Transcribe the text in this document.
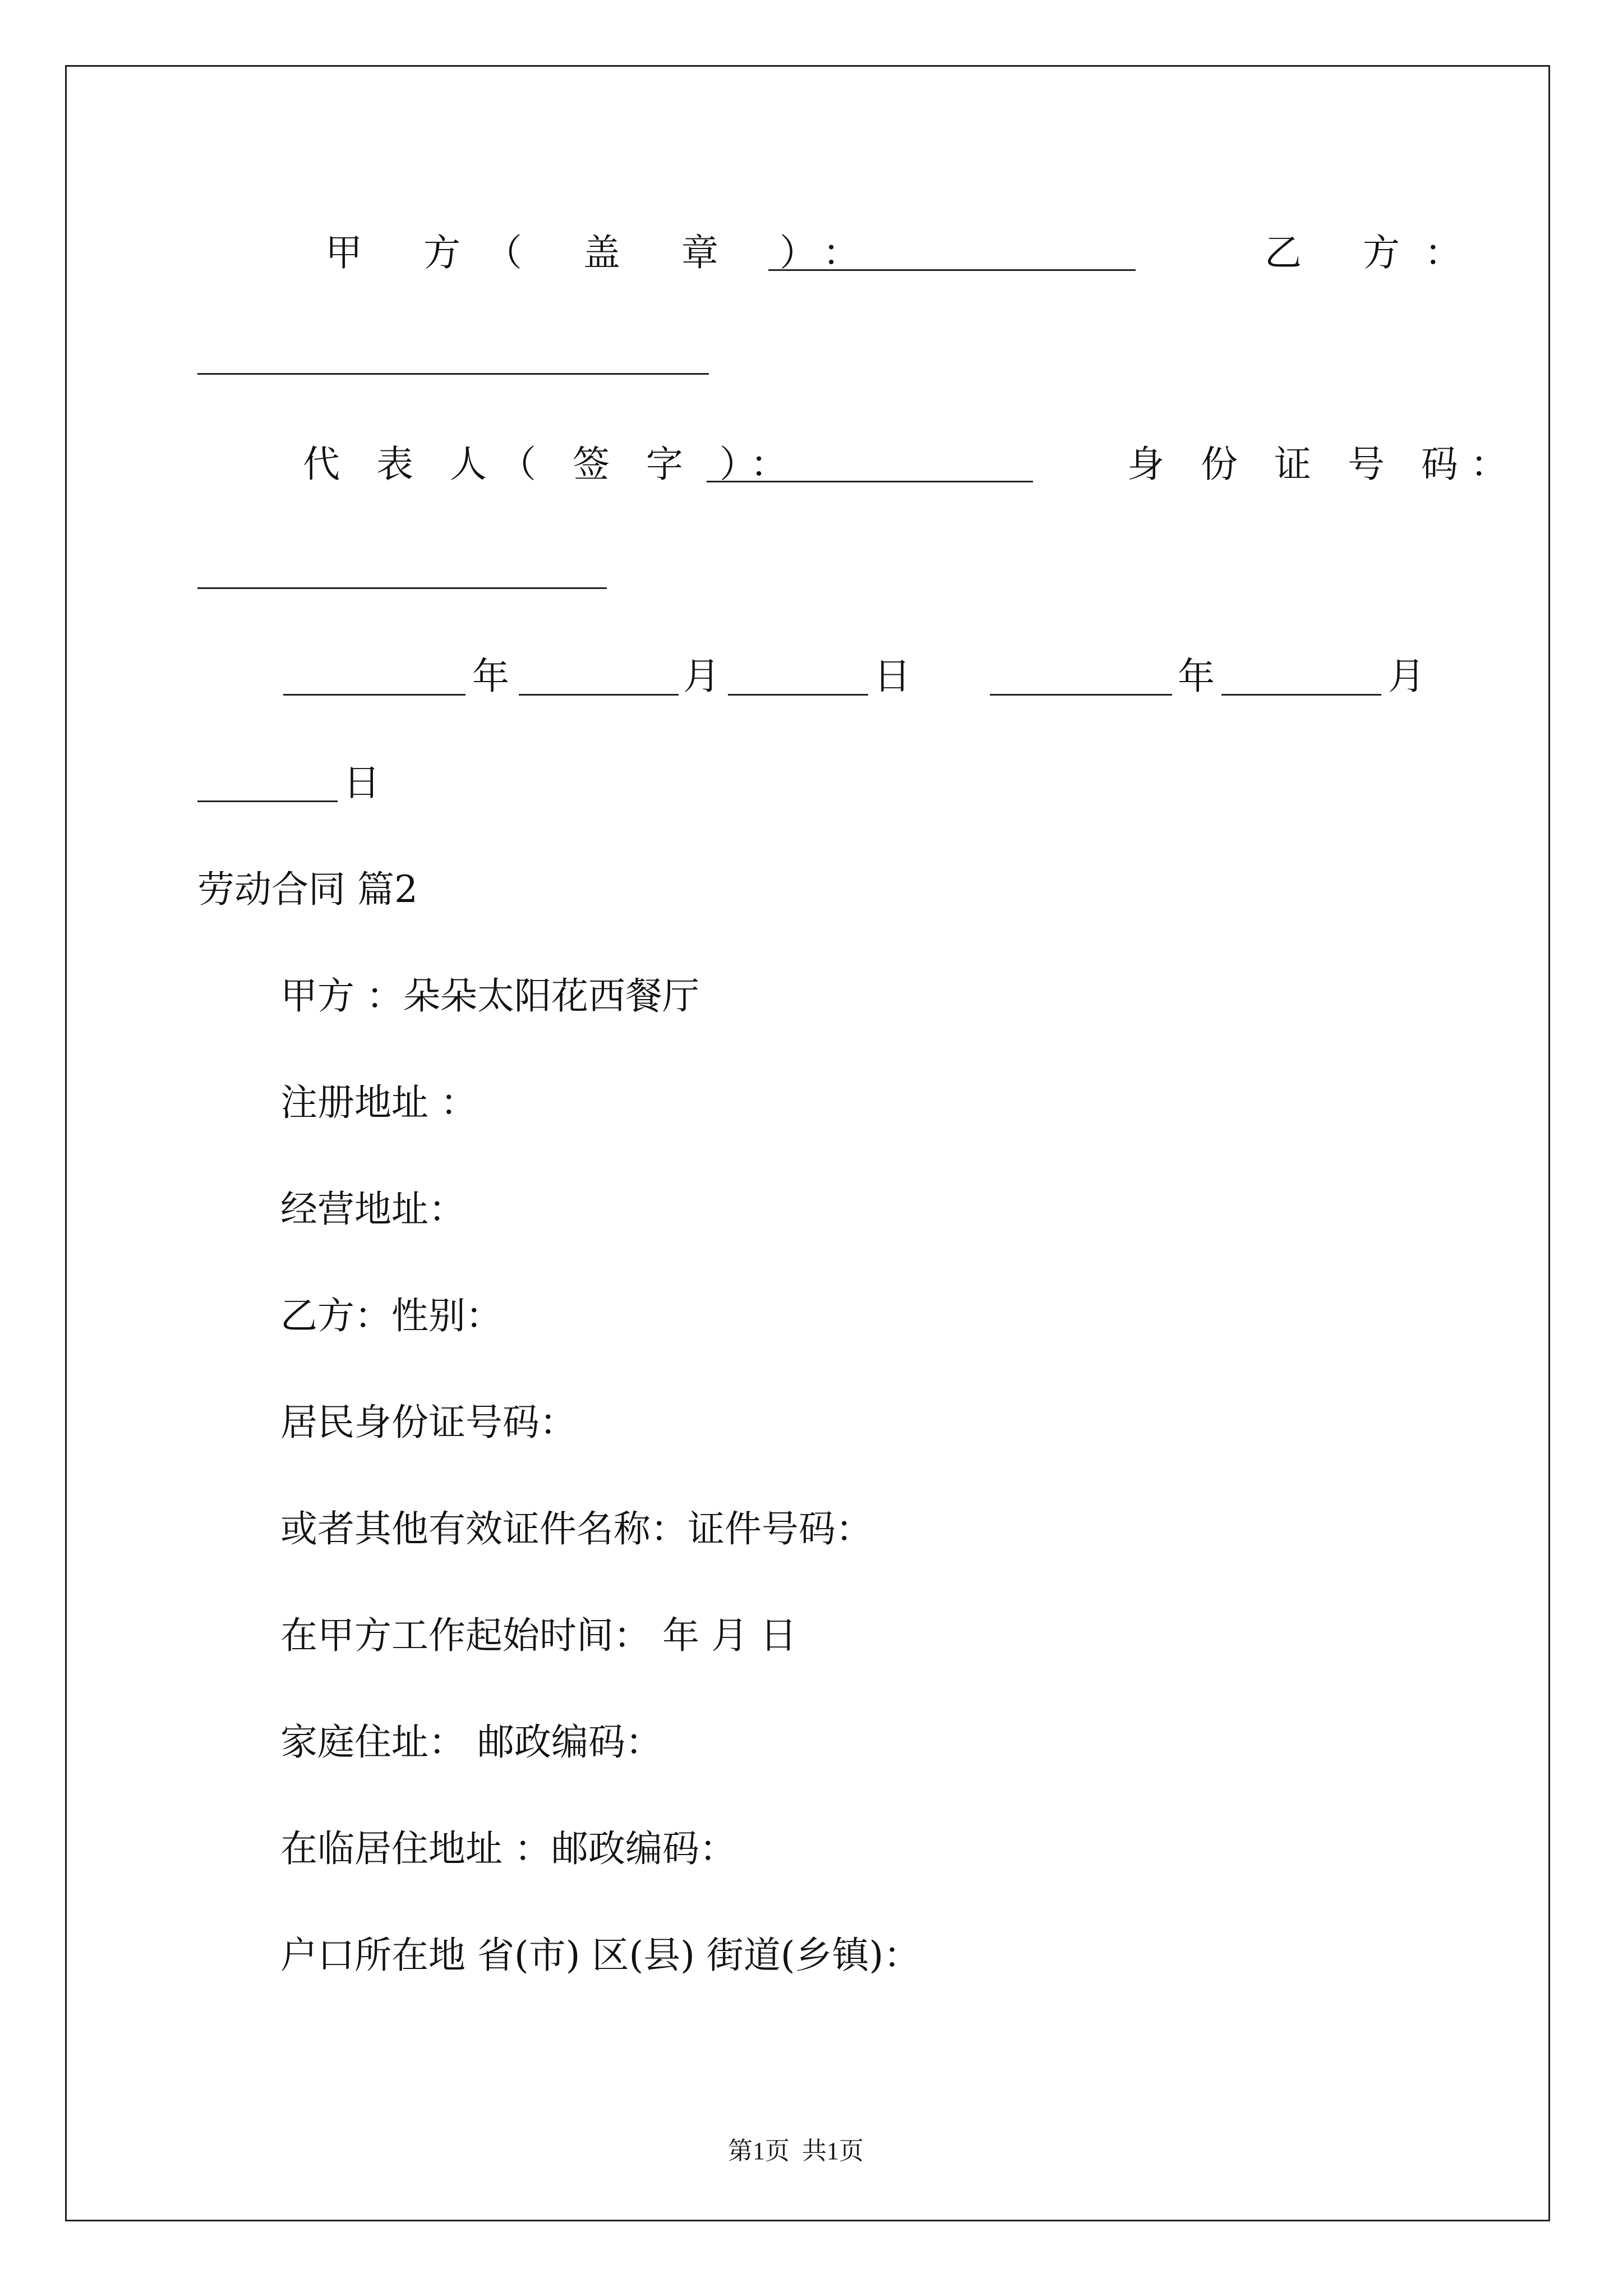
甲 方（ 盖 章 ）：	乙 方：
代 表 人（ 签 字 ）：	身 份 证 号 码：
年	月	日	年	月
日
劳动合同 篇2
甲方 ：朵朵太阳花西餐厅
注册地址 ：
经营地址：
乙方：性别：
居民身份证号码：
或者其他有效证件名称：证件号码：
在甲方工作起始时间： 年 月 日
家庭住址： 邮政编码：
在临居住地址 ：邮政编码：
户口所在地 省(市) 区(县) 街道(乡镇)：
第1页  共1页
